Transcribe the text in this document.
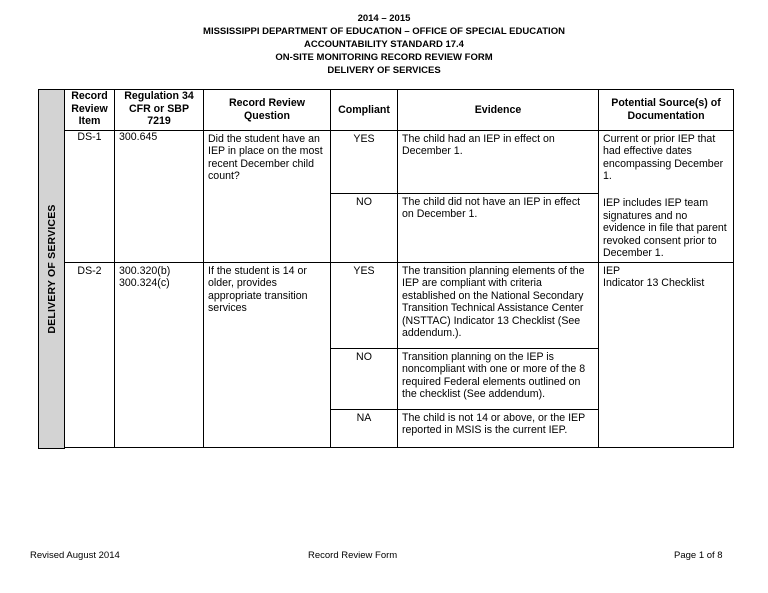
2014 – 2015
MISSISSIPPI DEPARTMENT OF EDUCATION – OFFICE OF SPECIAL EDUCATION
ACCOUNTABILITY STANDARD 17.4
ON-SITE MONITORING RECORD REVIEW FORM
DELIVERY OF SERVICES
DELIVERY OF SERVICES	Record Review Item	Regulation 34 CFR or SBP 7219	Record Review Question	Compliant	Evidence	Potential Source(s) of Documentation
	DS-1	300.645	Did the student have an IEP in place on the most recent December child count?	YES	The child had an IEP in effect on December 1.	Current or prior IEP that had effective dates encompassing December 1.
				NO	The child did not have an IEP in effect on December 1.	IEP includes IEP team signatures and no evidence in file that parent revoked consent prior to December 1.
	DS-2	300.320(b) 300.324(c)	If the student is 14 or older, provides appropriate transition services	YES	The transition planning elements of the IEP are compliant with criteria established on the National Secondary Transition Technical Assistance Center (NSTTAC) Indicator 13 Checklist (See addendum.).	IEP
Indicator 13 Checklist

				NO	Transition planning on the IEP is noncompliant with one or more of the 8 required Federal elements outlined on the checklist (See addendum).	
				NA	The child is not 14 or above, or the IEP reported in MSIS is the current IEP.	

Revised August 2014	Record Review Form	Page 1 of 8
